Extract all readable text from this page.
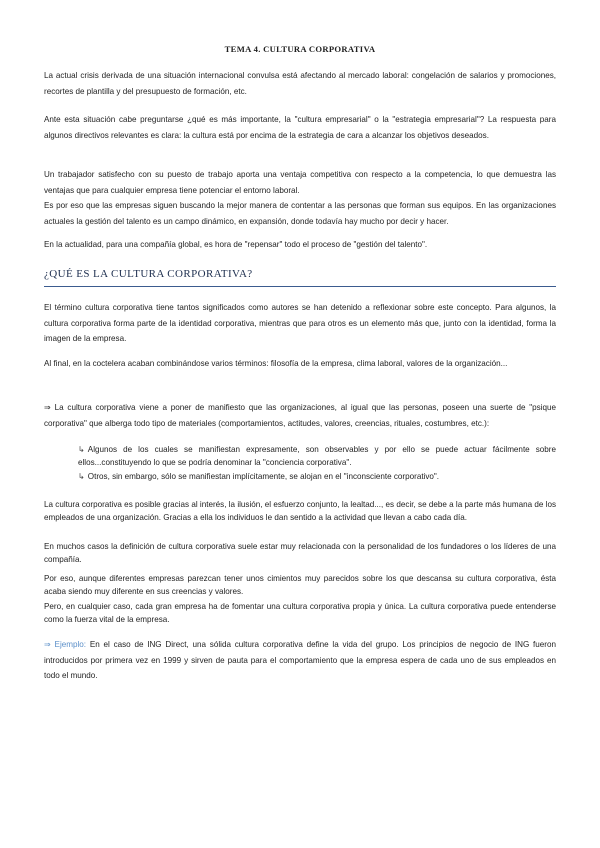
TEMA 4. CULTURA CORPORATIVA
La actual crisis derivada de una situación internacional convulsa está afectando al mercado laboral: congelación de salarios y promociones, recortes de plantilla y del presupuesto de formación, etc.
Ante esta situación cabe preguntarse ¿qué es más importante, la "cultura empresarial" o la "estrategia empresarial"? La respuesta para algunos directivos relevantes es clara: la cultura está por encima de la estrategia de cara a alcanzar los objetivos deseados.
Un trabajador satisfecho con su puesto de trabajo aporta una ventaja competitiva con respecto a la competencia, lo que demuestra las ventajas que para cualquier empresa tiene potenciar el entorno laboral.
Es por eso que las empresas siguen buscando la mejor manera de contentar a las personas que forman sus equipos. En las organizaciones actuales la gestión del talento es un campo dinámico, en expansión, donde todavía hay mucho por decir y hacer.
En la actualidad, para una compañía global, es hora de "repensar" todo el proceso de "gestión del talento".
¿QUÉ ES LA CULTURA CORPORATIVA?
El término cultura corporativa tiene tantos significados como autores se han detenido a reflexionar sobre este concepto. Para algunos, la cultura corporativa forma parte de la identidad corporativa, mientras que para otros es un elemento más que, junto con la identidad, forma la imagen de la empresa.
Al final, en la coctelera acaban combinándose varios términos: filosofía de la empresa, clima laboral, valores de la organización...
⇒ La cultura corporativa viene a poner de manifiesto que las organizaciones, al igual que las personas, poseen una suerte de "psique corporativa" que alberga todo tipo de materiales (comportamientos, actitudes, valores, creencias, rituales, costumbres, etc.):
↳ Algunos de los cuales se manifiestan expresamente, son observables y por ello se puede actuar fácilmente sobre ellos...constituyendo lo que se podría denominar la "conciencia corporativa".
↳ Otros, sin embargo, sólo se manifiestan implícitamente, se alojan en el "inconsciente corporativo".
La cultura corporativa es posible gracias al interés, la ilusión, el esfuerzo conjunto, la lealtad..., es decir, se debe a la parte más humana de los empleados de una organización. Gracias a ella los individuos le dan sentido a la actividad que llevan a cabo cada día.
En muchos casos la definición de cultura corporativa suele estar muy relacionada con la personalidad de los fundadores o los líderes de una compañía.
Por eso, aunque diferentes empresas parezcan tener unos cimientos muy parecidos sobre los que descansa su cultura corporativa, ésta acaba siendo muy diferente en sus creencias y valores.
Pero, en cualquier caso, cada gran empresa ha de fomentar una cultura corporativa propia y única. La cultura corporativa puede entenderse como la fuerza vital de la empresa.
⇒ Ejemplo: En el caso de ING Direct, una sólida cultura corporativa define la vida del grupo. Los principios de negocio de ING fueron introducidos por primera vez en 1999 y sirven de pauta para el comportamiento que la empresa espera de cada uno de sus empleados en todo el mundo.
